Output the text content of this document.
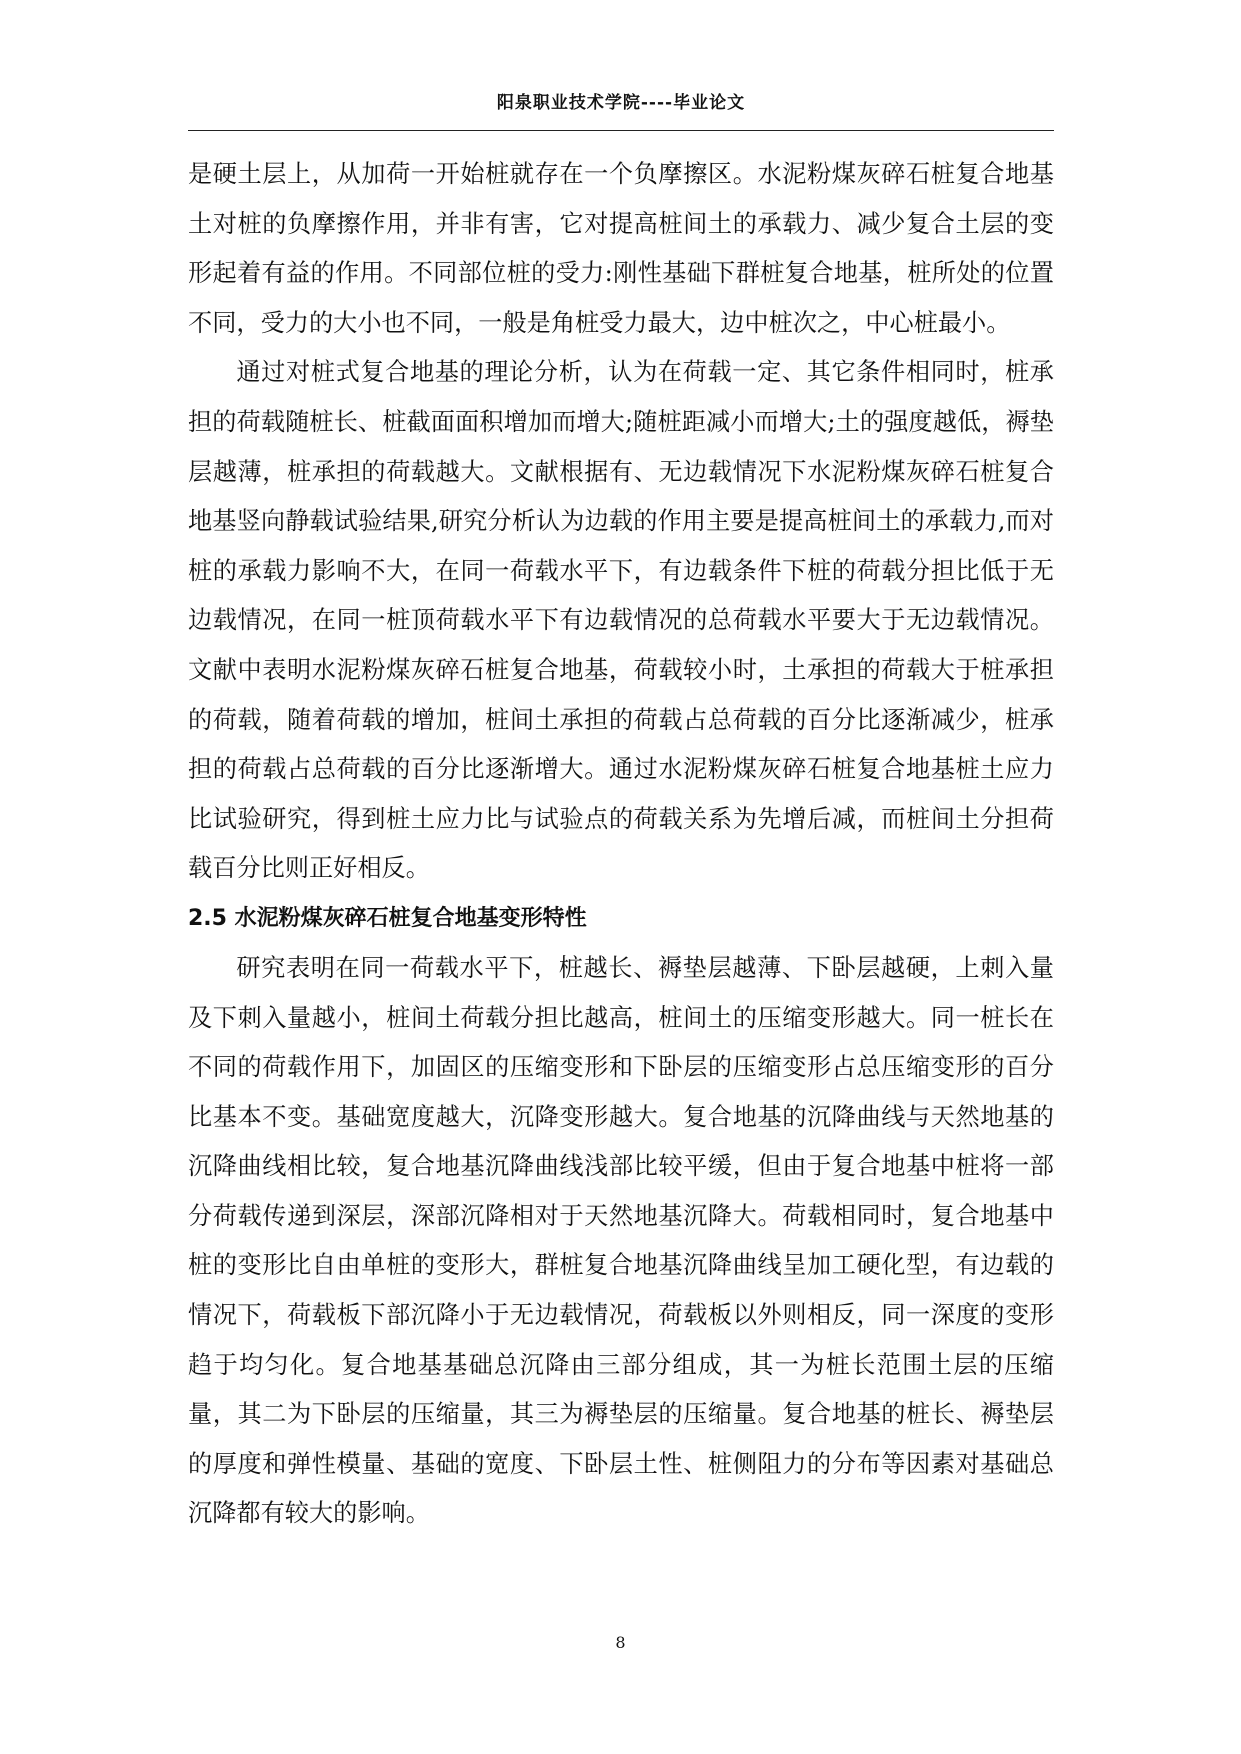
阳泉职业技术学院----毕业论文

是硬土层上，从加荷一开始桩就存在一个负摩擦区。水泥粉煤灰碎石桩复合地基土对桩的负摩擦作用，并非有害，它对提高桩间土的承载力、减少复合土层的变形起着有益的作用。不同部位桩的受力:刚性基础下群桩复合地基，桩所处的位置不同，受力的大小也不同，一般是角桩受力最大，边中桩次之，中心桩最小。

通过对桩式复合地基的理论分析，认为在荷载一定、其它条件相同时，桩承担的荷载随桩长、桩截面面积增加而增大;随桩距减小而增大;土的强度越低，褥垫层越薄，桩承担的荷载越大。文献根据有、无边载情况下水泥粉煤灰碎石桩复合地基竖向静载试验结果,研究分析认为边载的作用主要是提高桩间土的承载力,而对桩的承载力影响不大，在同一荷载水平下，有边载条件下桩的荷载分担比低于无边载情况，在同一桩顶荷载水平下有边载情况的总荷载水平要大于无边载情况。文献中表明水泥粉煤灰碎石桩复合地基，荷载较小时，土承担的荷载大于桩承担的荷载，随着荷载的增加，桩间土承担的荷载占总荷载的百分比逐渐减少，桩承担的荷载占总荷载的百分比逐渐增大。通过水泥粉煤灰碎石桩复合地基桩土应力比试验研究，得到桩土应力比与试验点的荷载关系为先增后减，而桩间土分担荷载百分比则正好相反。

2.5 水泥粉煤灰碎石桩复合地基变形特性

研究表明在同一荷载水平下，桩越长、褥垫层越薄、下卧层越硬，上刺入量及下刺入量越小，桩间土荷载分担比越高，桩间土的压缩变形越大。同一桩长在不同的荷载作用下，加固区的压缩变形和下卧层的压缩变形占总压缩变形的百分比基本不变。基础宽度越大，沉降变形越大。复合地基的沉降曲线与天然地基的沉降曲线相比较，复合地基沉降曲线浅部比较平缓，但由于复合地基中桩将一部分荷载传递到深层，深部沉降相对于天然地基沉降大。荷载相同时，复合地基中桩的变形比自由单桩的变形大，群桩复合地基沉降曲线呈加工硬化型，有边载的情况下，荷载板下部沉降小于无边载情况，荷载板以外则相反，同一深度的变形趋于均匀化。复合地基基础总沉降由三部分组成，其一为桩长范围土层的压缩量，其二为下卧层的压缩量，其三为褥垫层的压缩量。复合地基的桩长、褥垫层的厚度和弹性模量、基础的宽度、下卧层土性、桩侧阻力的分布等因素对基础总沉降都有较大的影响。

8
